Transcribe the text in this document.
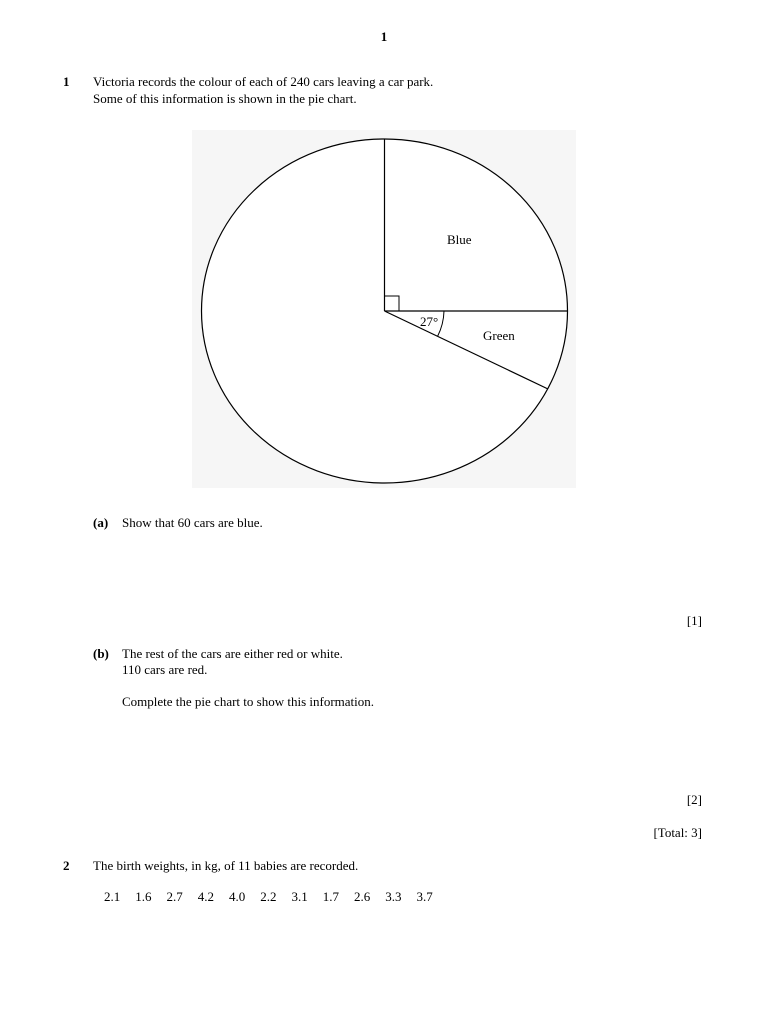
1
1 Victoria records the colour of each of 240 cars leaving a car park.
Some of this information is shown in the pie chart.
Blue
Green
27°
(a) Show that 60 cars are blue.
[1]
(b) The rest of the cars are either red or white.
110 cars are red.
Complete the pie chart to show this information.
[2]
[Total: 3]
2 The birth weights, in kg, of 11 babies are recorded.
2.1 1.6 2.7 4.2 4.0 2.2 3.1 1.7 2.6 3.3 3.7
